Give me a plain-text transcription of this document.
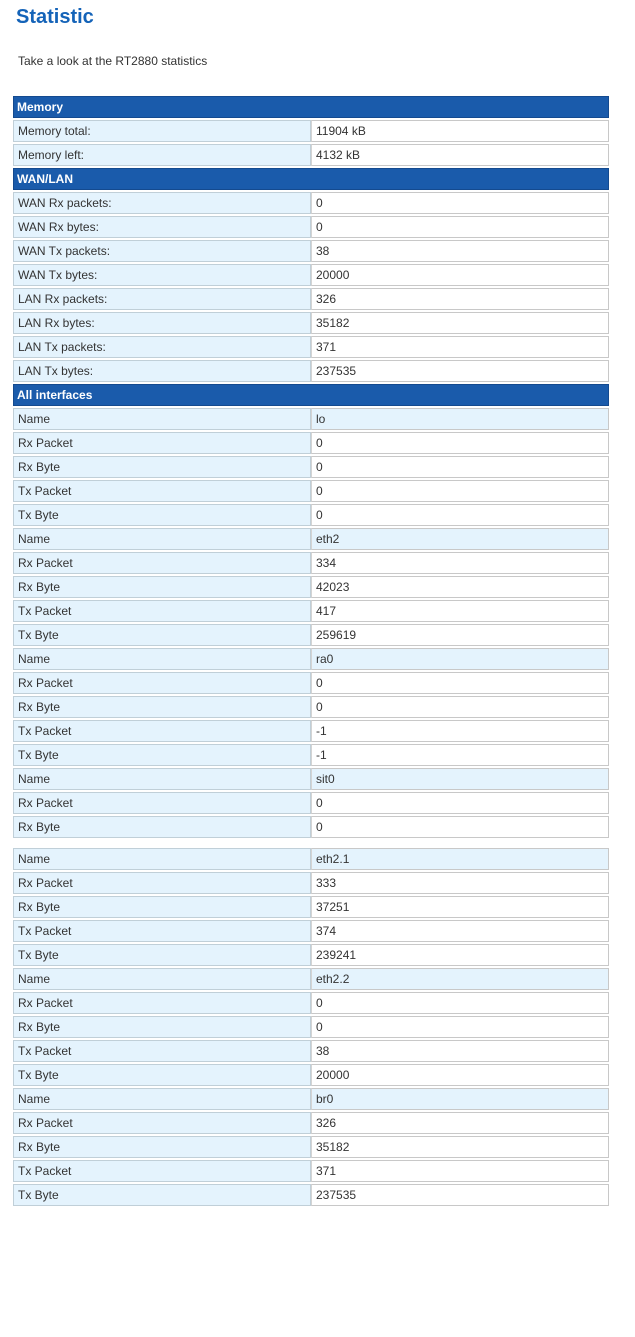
Statistic

Take a look at the RT2880 statistics

Memory	
Memory total:	11904 kB
Memory left:	4132 kB
WAN/LAN	
WAN Rx packets:	0
WAN Rx bytes:	0
WAN Tx packets:	38
WAN Tx bytes:	20000
LAN Rx packets:	326
LAN Rx bytes:	35182
LAN Tx packets:	371
LAN Tx bytes:	237535
All interfaces	
Name	lo
Rx Packet	0
Rx Byte	0
Tx Packet	0
Tx Byte	0
Name	eth2
Rx Packet	334
Rx Byte	42023
Tx Packet	417
Tx Byte	259619
Name	ra0
Rx Packet	0
Rx Byte	0
Tx Packet	-1
Tx Byte	-1
Name	sit0
Rx Packet	0
Rx Byte	0

Name	eth2.1
Rx Packet	333
Rx Byte	37251
Tx Packet	374
Tx Byte	239241
Name	eth2.2
Rx Packet	0
Rx Byte	0
Tx Packet	38
Tx Byte	20000
Name	br0
Rx Packet	326
Rx Byte	35182
Tx Packet	371
Tx Byte	237535
